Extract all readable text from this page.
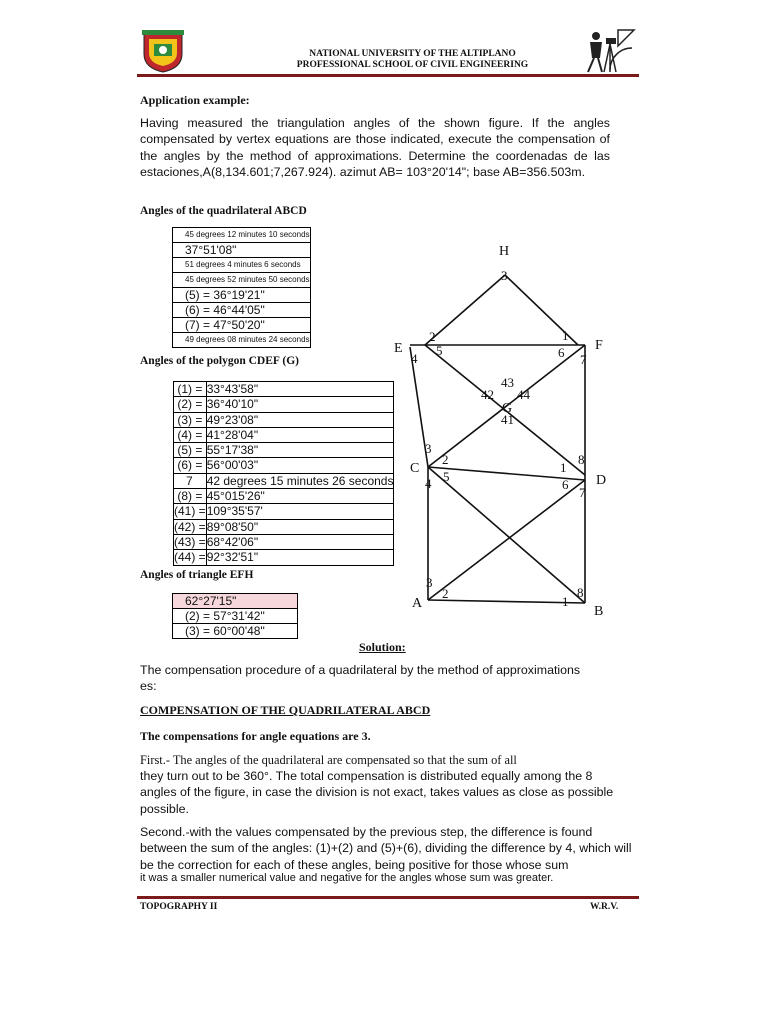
NATIONAL UNIVERSITY OF THE ALTIPLANO
PROFESSIONAL SCHOOL OF CIVIL ENGINEERING
Application example:
Having measured the triangulation angles of the shown figure. If the angles compensated by vertex equations are those indicated, execute the compensation of the angles by the method of approximations. Determine the coordenadas de las estaciones,A(8,134.601;7,267.924). azimut AB= 103°20'14"; base AB=356.503m.
Angles of the quadrilateral ABCD
45 degrees 12 minutes 10 seconds
37°51'08"
51 degrees 4 minutes 6 seconds
45 degrees 52 minutes 50 seconds
(5) = 36°19'21"
(6) = 46°44'05"
(7) = 47°50'20"
49 degrees 08 minutes 24 seconds
Angles of the polygon CDEF (G)
(1) =	33°43'58"
(2) =	36°40'10"
(3) =	49°23'08"
(4) =	41°28'04"
(5) =	55°17'38"
(6) =	56°00'03"
7	42 degrees 15 minutes 26 seconds
(8) =	45°015'26"
(41) =	109°35'57'
(42) =	89°08'50"
(43) =	68°42'06"
(44) =	92°32'51"
Angles of triangle EFH
62°27'15"
(2) = 57°31'42"
(3) = 60°00'48"
H
E	F
G
C
D
A
B
3
2
5
4
1
6 7
43
42 44
41
3
2
5
4
1
8
6
7
3
2
1
8
Solution:
The compensation procedure of a quadrilateral by the method of approximations es:
COMPENSATION OF THE QUADRILATERAL ABCD
The compensations for angle equations are 3.
First.- The angles of the quadrilateral are compensated so that the sum of all
they turn out to be 360°. The total compensation is distributed equally among the 8 angles of the figure, in case the division is not exact, takes values as close as possible possible.
Second.-with the values compensated by the previous step, the difference is found between the sum of the angles: (1)+(2) and (5)+(6), dividing the difference by 4, which will be the correction for each of these angles, being positive for those whose sum
it was a smaller numerical value and negative for the angles whose sum was greater.
TOPOGRAPHY II	W.R.V.
